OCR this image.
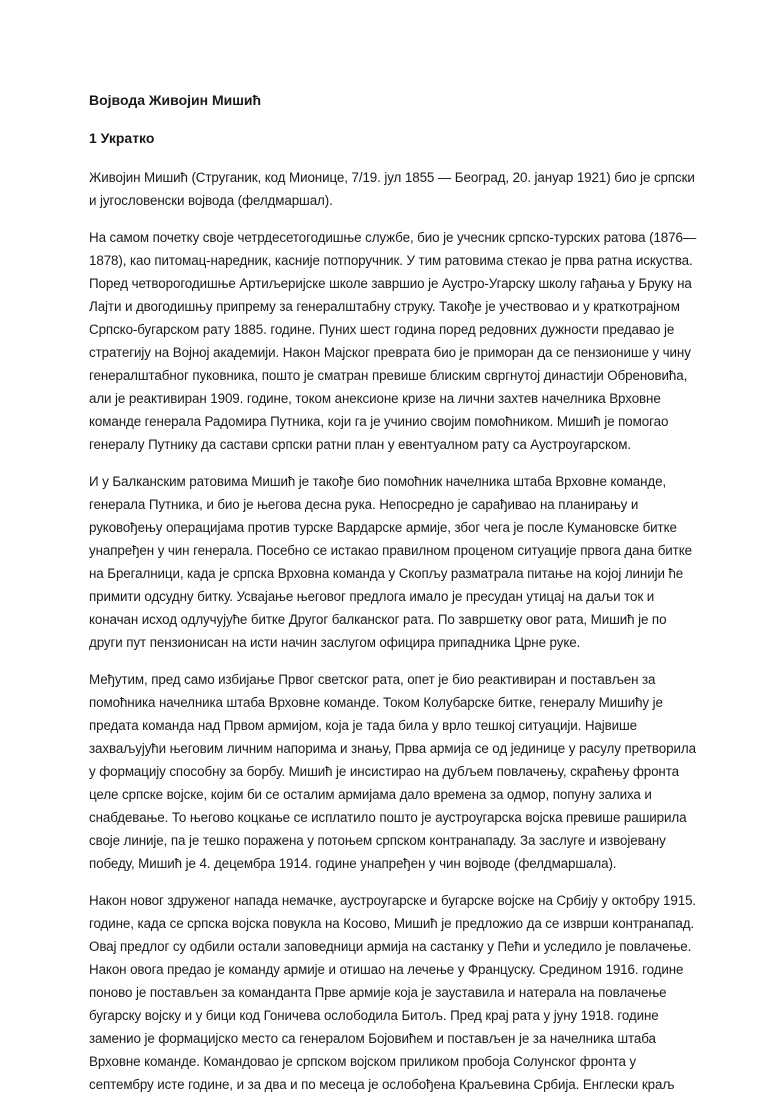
Војвода Живојин Мишић
1 Укратко
Живојин Мишић (Струганик, код Мионице, 7/19. јул 1855 — Београд, 20. јануар 1921) био је српски
и југословенски војвода (фелдмаршал).
На самом почетку своје четрдесетогодишње службе, био је учесник српско-турских ратова (1876—
1878), као питомац-наредник, касније потпоручник. У тим ратовима стекао је прва ратна искуства.
Поред четворогодишње Артиљеријске школе завршио је Аустро-Угарску школу гађања у Бруку на
Лајти и двогодишњу припрему за генералштабну струку. Такође је учествовао и у краткотрајном
Српско-бугарском рату 1885. године. Пуних шест година поред редовних дужности предавао је
стратегију на Војној академији. Након Мајског преврата био је приморан да се пензионише у чину
генералштабног пуковника, пошто је сматран превише блиским свргнутој династији Обреновића,
али је реактивиран 1909. године, током анексионе кризе на лични захтев начелника Врховне
команде генерала Радомира Путника, који га је учинио својим помоћником. Мишић је помогао
генералу Путнику да састави српски ратни план у евентуалном рату са Аустроугарском.
И у Балканским ратовима Мишић је такође био помоћник начелника штаба Врховне команде,
генерала Путника, и био је његова десна рука. Непосредно је сарађивао на планирању и
руковођењу операцијама против турске Вардарске армије, због чега је после Кумановске битке
унапређен у чин генерала. Посебно се истакао правилном проценом ситуације првога дана битке
на Брегалници, када је српска Врховна команда у Скопљу разматрала питање на којој линији ће
примити одсудну битку. Усвајање његовог предлога имало је пресудан утицај на даљи ток и
коначан исход одлучујуће битке Другог балканског рата. По завршетку овог рата, Мишић је по
други пут пензионисан на исти начин заслугом официра припадника Црне руке.
Међутим, пред само избијање Првог светског рата, опет је био реактивиран и постављен за
помоћника начелника штаба Врховне команде. Током Колубарске битке, генералу Мишићу је
предата команда над Првом армијом, која је тада била у врло тешкој ситуацији. Највише
захваљујући његовим личним напорима и знању, Прва армија се од јединице у расулу претворила
у формацију способну за борбу. Мишић је инсистирао на дубљем повлачењу, скраћењу фронта
целе српске војске, којим би се осталим армијама дало времена за одмор, попуну залиха и
снабдевање. То његово коцкање се исплатило пошто је аустроугарска војска превише раширила
своје линије, па је тешко поражена у потоњем српском контранападу. За заслуге и извојевану
победу, Мишић је 4. децембра 1914. године унапређен у чин војводе (фелдмаршала).
Након новог здруженог напада немачке, аустроугарске и бугарске војске на Србију у октобру 1915.
године, када се српска војска повукла на Косово, Мишић је предложио да се изврши контранапад.
Овај предлог су одбили остали заповедници армија на састанку у Пећи и уследило је повлачење.
Након овога предао је команду армије и отишао на лечење у Француску. Средином 1916. године
поново је постављен за команданта Прве армије која је зауставила и натерала на повлачење
бугарску војску и у бици код Гоничева ослободила Битољ. Пред крај рата у јуну 1918. године
заменио је формацијско место са генералом Бојовићем и постављен је за начелника штаба
Врховне команде. Командовао је српском војском приликом пробоја Солунског фронта у
септембру исте године, и за два и по месеца је ослобођена Краљевина Србија. Енглески краљ
